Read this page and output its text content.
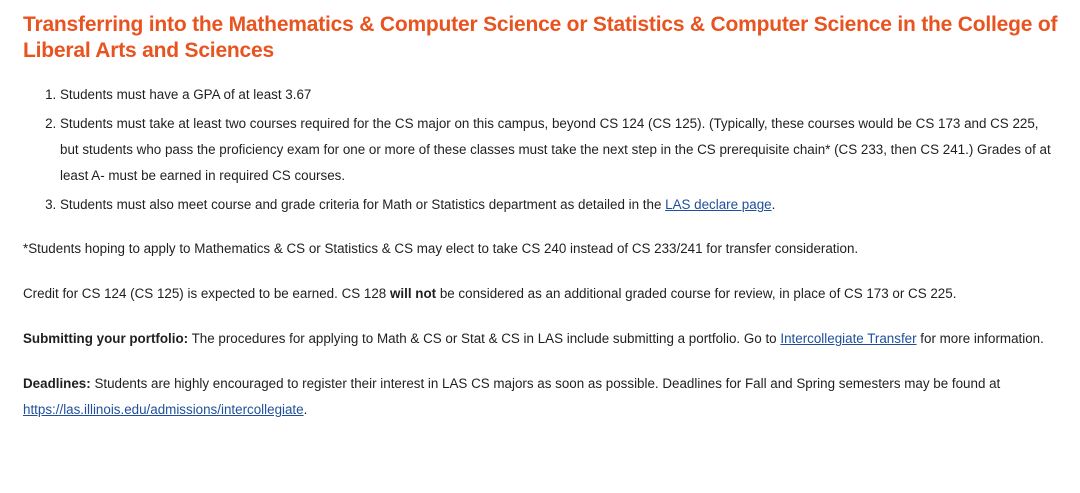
Transferring into the Mathematics & Computer Science or Statistics & Computer Science in the College of Liberal Arts and Sciences
1. Students must have a GPA of at least 3.67
2. Students must take at least two courses required for the CS major on this campus, beyond CS 124 (CS 125). (Typically, these courses would be CS 173 and CS 225, but students who pass the proficiency exam for one or more of these classes must take the next step in the CS prerequisite chain* (CS 233, then CS 241.) Grades of at least A- must be earned in required CS courses.
3. Students must also meet course and grade criteria for Math or Statistics department as detailed in the LAS declare page.

*Students hoping to apply to Mathematics & CS or Statistics & CS may elect to take CS 240 instead of CS 233/241 for transfer consideration.

Credit for CS 124 (CS 125) is expected to be earned. CS 128 will not be considered as an additional graded course for review, in place of CS 173 or CS 225.

Submitting your portfolio: The procedures for applying to Math & CS or Stat & CS in LAS include submitting a portfolio. Go to Intercollegiate Transfer for more information.

Deadlines: Students are highly encouraged to register their interest in LAS CS majors as soon as possible. Deadlines for Fall and Spring semesters may be found at https://las.illinois.edu/admissions/intercollegiate.
